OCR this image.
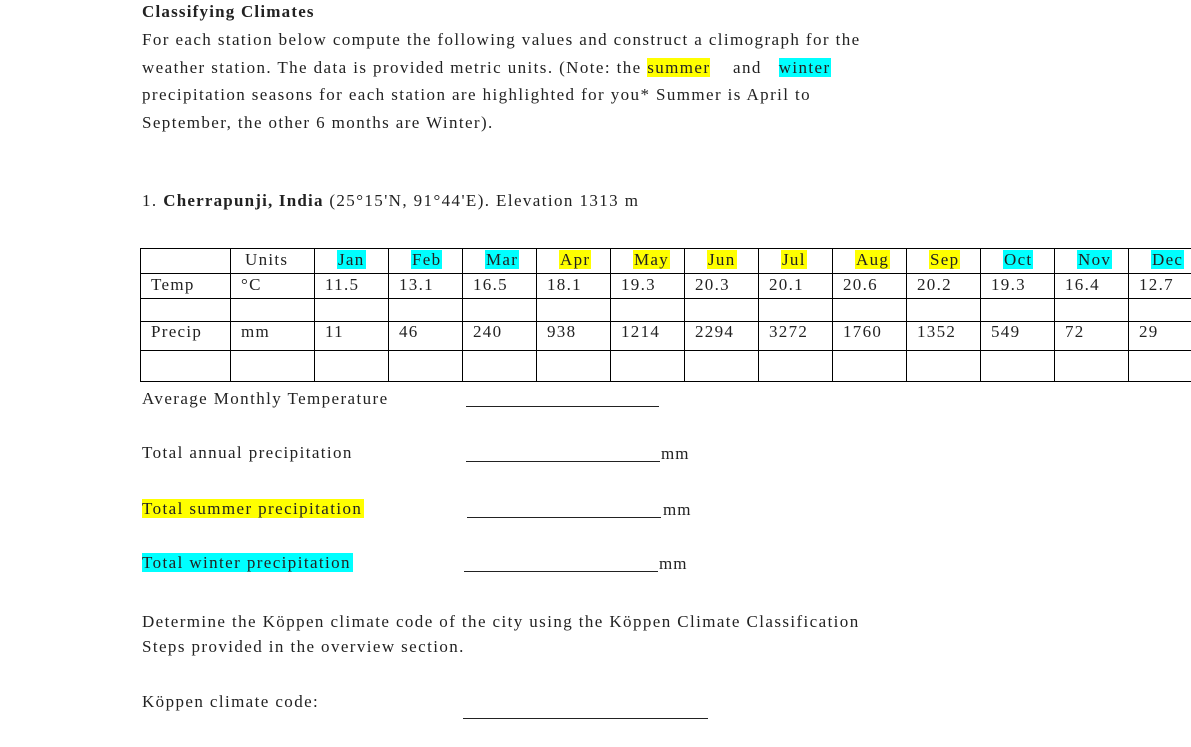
Classifying Climates
For each station below compute the following values and construct a climograph for the
weather station. The data is provided metric units. (Note: the summer and winter
precipitation seasons for each station are highlighted for you* Summer is April to
September, the other 6 months are Winter).
1. Cherrapunji, India (25°15'N, 91°44'E). Elevation 1313 m
	Units	Jan	Feb	Mar	Apr	May	Jun	Jul	Aug	Sep	Oct	Nov	Dec
Temp	°C	11.5	13.1	16.5	18.1	19.3	20.3	20.1	20.6	20.2	19.3	16.4	12.7

Precip	mm	11	46	240	938	1214	2294	3272	1760	1352	549	72	29

Average Monthly Temperature
Total annual precipitation	mm
Total summer precipitation	mm
Total winter precipitation	mm
Determine the Köppen climate code of the city using the Köppen Climate Classification
Steps provided in the overview section.
Köppen climate code:
